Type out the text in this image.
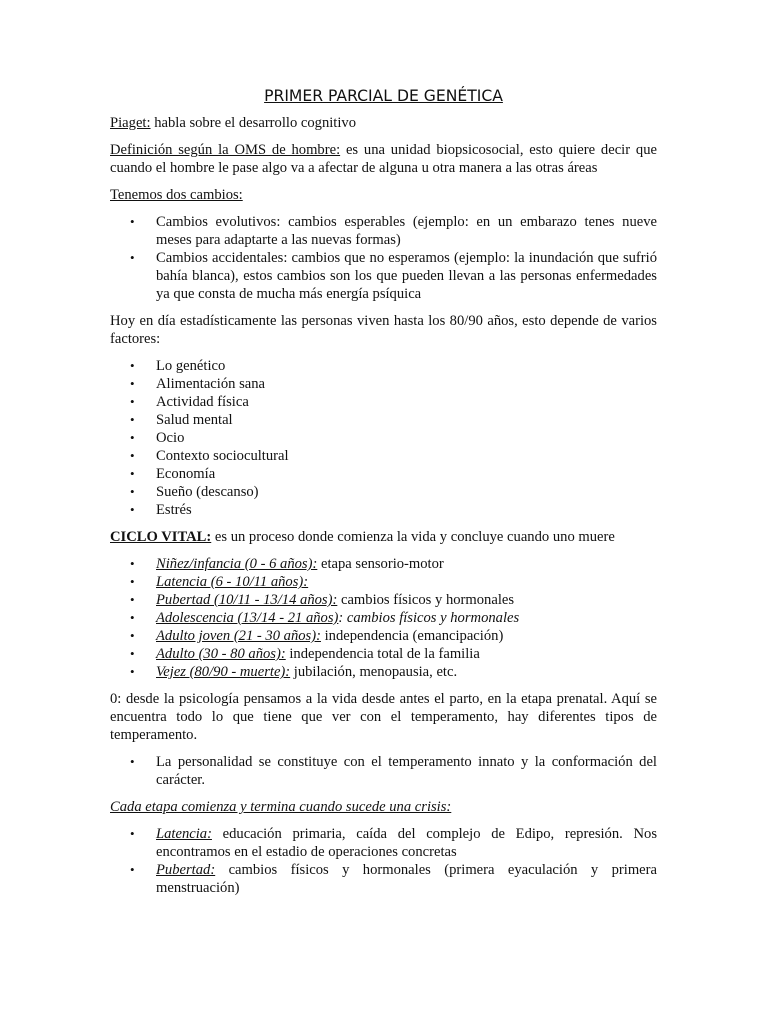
PRIMER PARCIAL DE GENÉTICA

Piaget: habla sobre el desarrollo cognitivo

Definición según la OMS de hombre: es una unidad biopsicosocial, esto quiere decir que cuando el hombre le pase algo va a afectar de alguna u otra manera a las otras áreas

Tenemos dos cambios:

• Cambios evolutivos: cambios esperables (ejemplo: en un embarazo tenes nueve meses para adaptarte a las nuevas formas)
• Cambios accidentales: cambios que no esperamos (ejemplo: la inundación que sufrió bahía blanca), estos cambios son los que pueden llevan a las personas enfermedades ya que consta de mucha más energía psíquica

Hoy en día estadísticamente las personas viven hasta los 80/90 años, esto depende de varios factores:

• Lo genético
• Alimentación sana
• Actividad física
• Salud mental
• Ocio
• Contexto sociocultural
• Economía
• Sueño (descanso)
• Estrés

CICLO VITAL: es un proceso donde comienza la vida y concluye cuando uno muere

• Niñez/infancia (0 - 6 años): etapa sensorio-motor
• Latencia (6 - 10/11 años):
• Pubertad (10/11 - 13/14 años): cambios físicos y hormonales
• Adolescencia (13/14 - 21 años): cambios físicos y hormonales
• Adulto joven (21 - 30 años): independencia (emancipación)
• Adulto (30 - 80 años): independencia total de la familia
• Vejez (80/90 - muerte): jubilación, menopausia, etc.

0: desde la psicología pensamos a la vida desde antes el parto, en la etapa prenatal. Aquí se encuentra todo lo que tiene que ver con el temperamento, hay diferentes tipos de temperamento.

• La personalidad se constituye con el temperamento innato y la conformación del carácter.

Cada etapa comienza y termina cuando sucede una crisis:

• Latencia: educación primaria, caída del complejo de Edipo, represión. Nos encontramos en el estadio de operaciones concretas
• Pubertad: cambios físicos y hormonales (primera eyaculación y primera menstruación)
